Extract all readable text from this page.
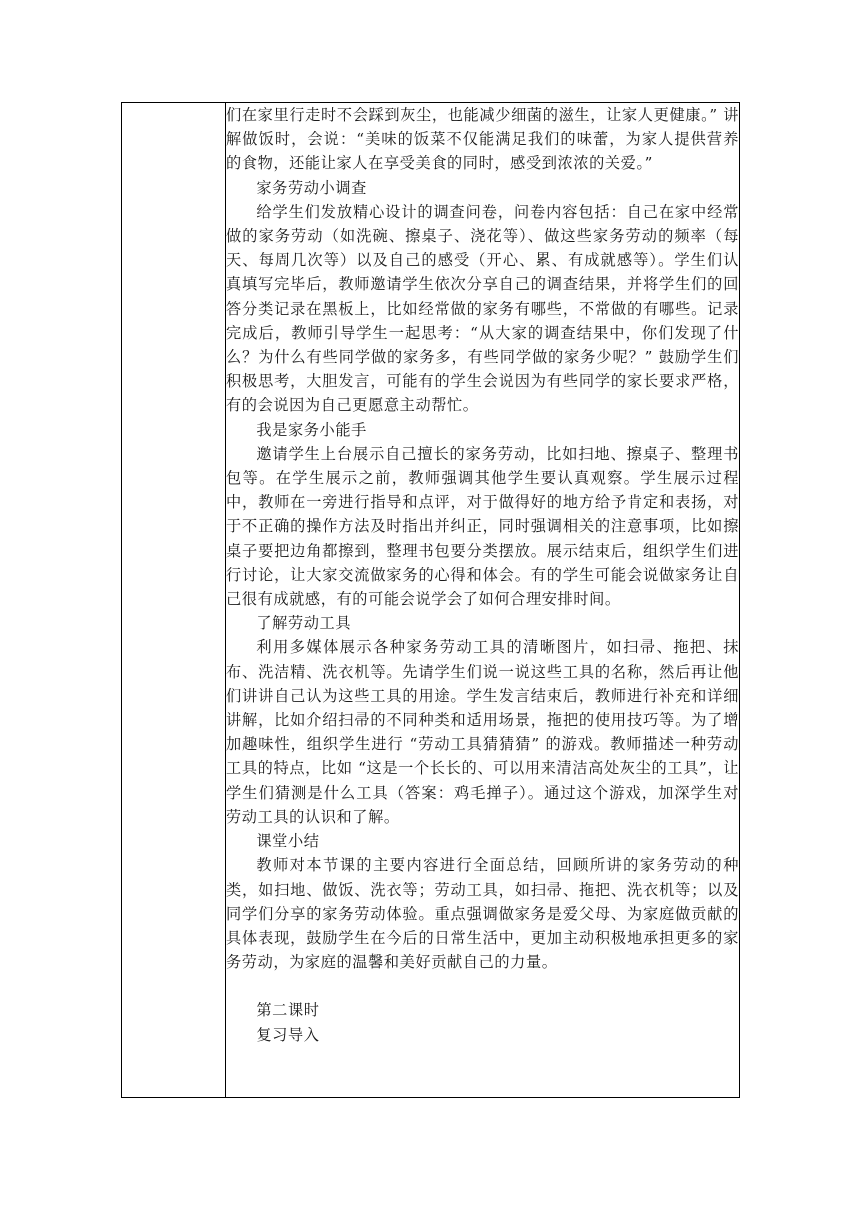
们在家里行走时不会踩到灰尘，也能减少细菌的滋生，让家人更健康。” 讲解做饭时，会说：“美味的饭菜不仅能满足我们的味蕾，为家人提供营养的食物，还能让家人在享受美食的同时，感受到浓浓的关爱。”

家务劳动小调查

给学生们发放精心设计的调查问卷，问卷内容包括：自己在家中经常做的家务劳动（如洗碗、擦桌子、浇花等）、做这些家务劳动的频率（每天、每周几次等）以及自己的感受（开心、累、有成就感等）。学生们认真填写完毕后，教师邀请学生依次分享自己的调查结果，并将学生们的回答分类记录在黑板上，比如经常做的家务有哪些，不常做的有哪些。记录完成后，教师引导学生一起思考：“从大家的调查结果中，你们发现了什么？为什么有些同学做的家务多，有些同学做的家务少呢？” 鼓励学生们积极思考，大胆发言，可能有的学生会说因为有些同学的家长要求严格，有的会说因为自己更愿意主动帮忙。

我是家务小能手

邀请学生上台展示自己擅长的家务劳动，比如扫地、擦桌子、整理书包等。在学生展示之前，教师强调其他学生要认真观察。学生展示过程中，教师在一旁进行指导和点评，对于做得好的地方给予肯定和表扬，对于不正确的操作方法及时指出并纠正，同时强调相关的注意事项，比如擦桌子要把边角都擦到，整理书包要分类摆放。展示结束后，组织学生们进行讨论，让大家交流做家务的心得和体会。有的学生可能会说做家务让自己很有成就感，有的可能会说学会了如何合理安排时间。

了解劳动工具

利用多媒体展示各种家务劳动工具的清晰图片，如扫帚、拖把、抹布、洗洁精、洗衣机等。先请学生们说一说这些工具的名称，然后再让他们讲讲自己认为这些工具的用途。学生发言结束后，教师进行补充和详细讲解，比如介绍扫帚的不同种类和适用场景，拖把的使用技巧等。为了增加趣味性，组织学生进行 “劳动工具猜猜猜” 的游戏。教师描述一种劳动工具的特点，比如 “这是一个长长的、可以用来清洁高处灰尘的工具”，让学生们猜测是什么工具（答案：鸡毛掸子）。通过这个游戏，加深学生对劳动工具的认识和了解。

课堂小结

教师对本节课的主要内容进行全面总结，回顾所讲的家务劳动的种类，如扫地、做饭、洗衣等；劳动工具，如扫帚、拖把、洗衣机等；以及同学们分享的家务劳动体验。重点强调做家务是爱父母、为家庭做贡献的具体表现，鼓励学生在今后的日常生活中，更加主动积极地承担更多的家务劳动，为家庭的温馨和美好贡献自己的力量。

第二课时

复习导入
